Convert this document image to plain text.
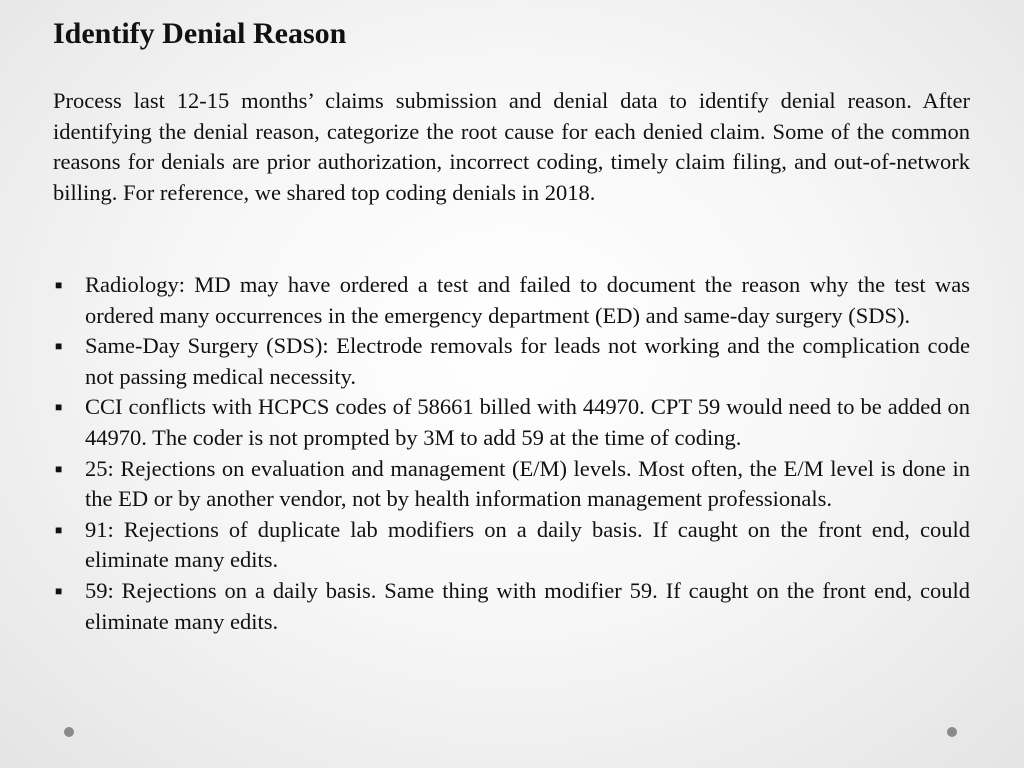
Identify Denial Reason

Process last 12-15 months’ claims submission and denial data to identify denial reason. After identifying the denial reason, categorize the root cause for each denied claim. Some of the common reasons for denials are prior authorization, incorrect coding, timely claim filing, and out-of-network billing. For reference, we shared top coding denials in 2018.

■ Radiology: MD may have ordered a test and failed to document the reason why the test was ordered many occurrences in the emergency department (ED) and same-day surgery (SDS).
■ Same-Day Surgery (SDS): Electrode removals for leads not working and the complication code not passing medical necessity.
■ CCI conflicts with HCPCS codes of 58661 billed with 44970. CPT 59 would need to be added on 44970. The coder is not prompted by 3M to add 59 at the time of coding.
■ 25: Rejections on evaluation and management (E/M) levels. Most often, the E/M level is done in the ED or by another vendor, not by health information management professionals.
■ 91: Rejections of duplicate lab modifiers on a daily basis. If caught on the front end, could eliminate many edits.
■ 59: Rejections on a daily basis. Same thing with modifier 59. If caught on the front end, could eliminate many edits.
